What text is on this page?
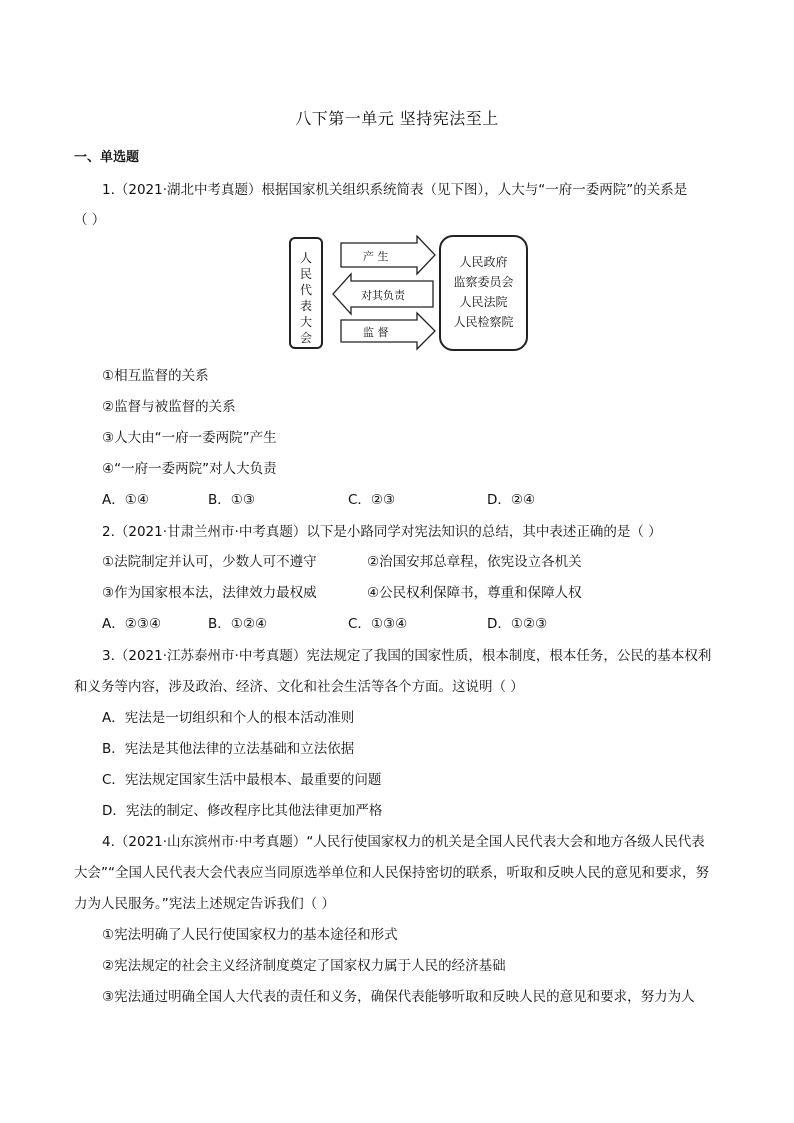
八下第一单元 坚持宪法至上
一、单选题
1.（2021·湖北中考真题）根据国家机关组织系统简表（见下图），人大与“一府一委两院”的关系是
（ ）
人
民
代
表
大
会
产 生
对其负责
监 督
人民政府
监察委员会
人民法院
人民检察院
①相互监督的关系
②监督与被监督的关系
③人大由“一府一委两院”产生
④“一府一委两院”对人大负责
A．①④	B．①③	C．②③	D．②④
2.（2021·甘肃兰州市·中考真题）以下是小路同学对宪法知识的总结，其中表述正确的是（ ）
①法院制定并认可，少数人可不遵守	②治国安邦总章程，依宪设立各机关
③作为国家根本法，法律效力最权威	④公民权利保障书，尊重和保障人权
A．②③④	B．①②④	C．①③④	D．①②③
3.（2021·江苏泰州市·中考真题）宪法规定了我国的国家性质，根本制度，根本任务，公民的基本权利
和义务等内容，涉及政治、经济、文化和社会生活等各个方面。这说明（ ）
A．宪法是一切组织和个人的根本活动准则
B．宪法是其他法律的立法基础和立法依据
C．宪法规定国家生活中最根本、最重要的问题
D．宪法的制定、修改程序比其他法律更加严格
4.（2021·山东滨州市·中考真题）“人民行使国家权力的机关是全国人民代表大会和地方各级人民代表
大会”“全国人民代表大会代表应当同原选举单位和人民保持密切的联系，听取和反映人民的意见和要求，努
力为人民服务。”宪法上述规定告诉我们（ ）
①宪法明确了人民行使国家权力的基本途径和形式
②宪法规定的社会主义经济制度奠定了国家权力属于人民的经济基础
③宪法通过明确全国人大代表的责任和义务，确保代表能够听取和反映人民的意见和要求，努力为人
